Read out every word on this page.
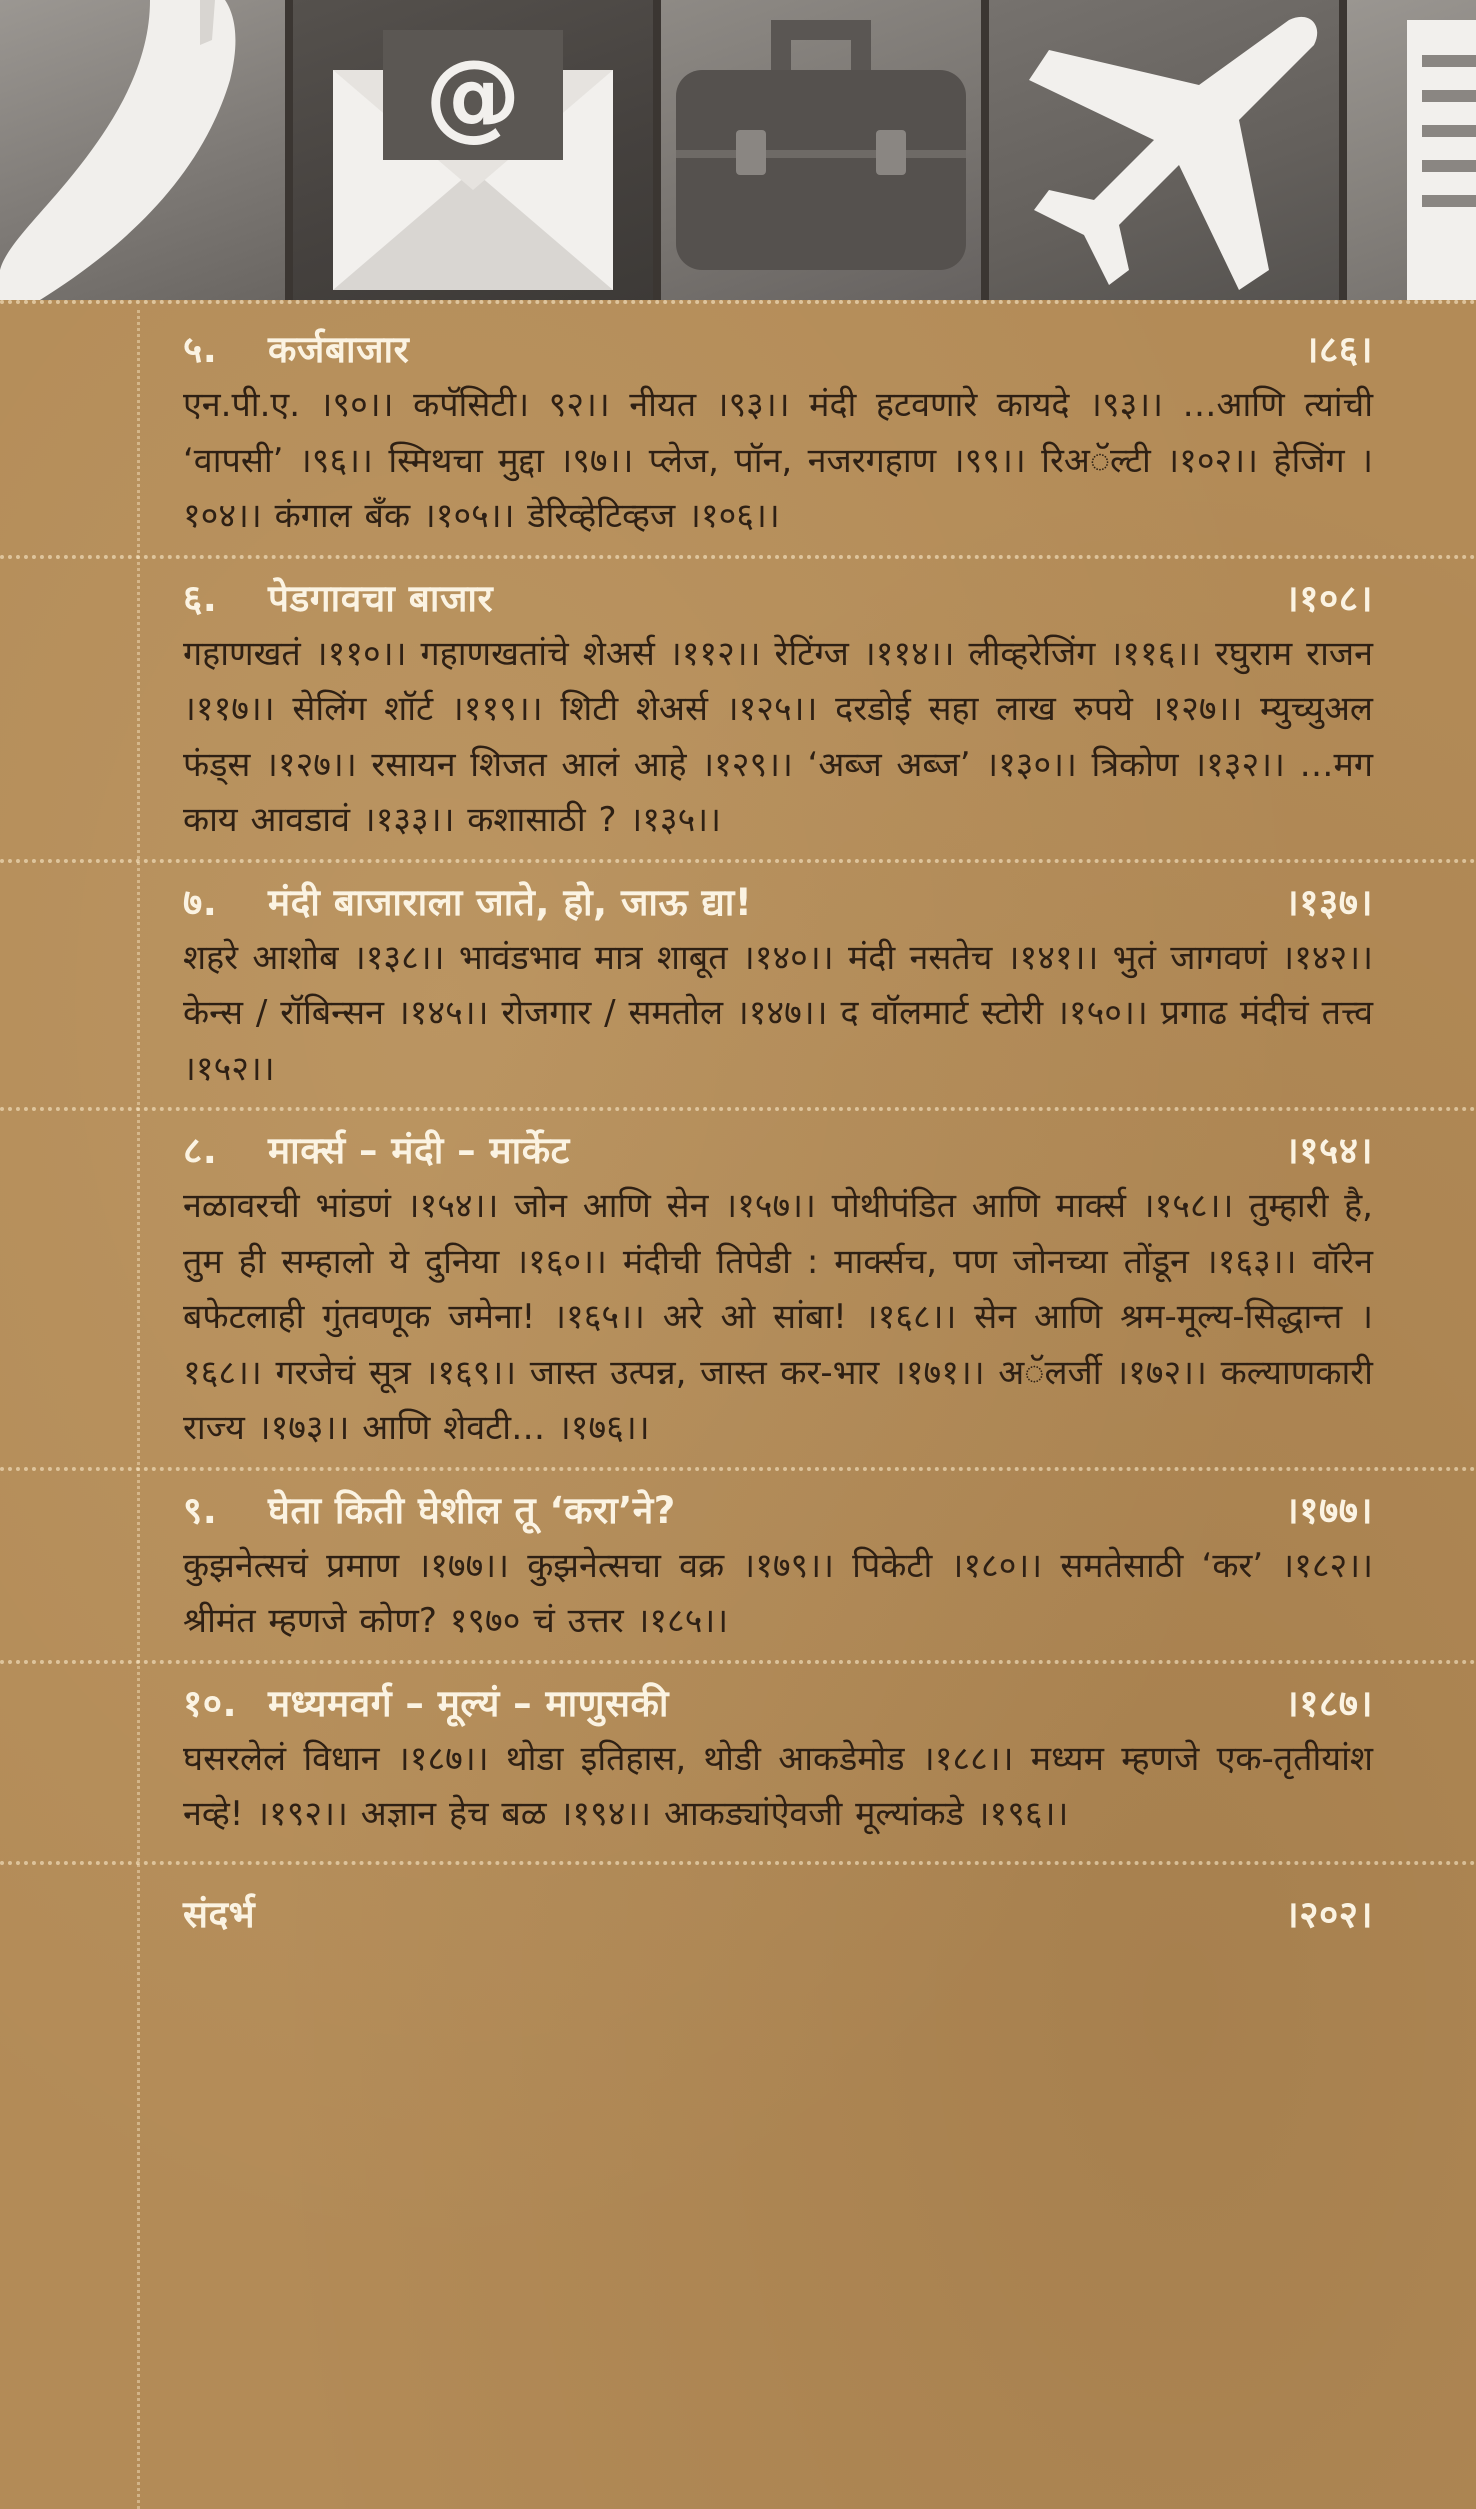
@
५.	कर्जबाजार	।८६।
एन.पी.ए. ।९०।। कपॅसिटी। ९२।। नीयत ।९३।। मंदी हटवणारे कायदे ।९३।। …आणि त्यांची ‘वापसी’ ।९६।। स्मिथचा मुद्दा ।९७।। प्लेज, पॉन, नजरगहाण ।९९।। रिअॅल्टी ।१०२।। हेजिंग ।१०४।। कंगाल बँक ।१०५।। डेरिव्हेटिव्हज ।१०६।।
६.	पेडगावचा बाजार	।१०८।
गहाणखतं ।११०।। गहाणखतांचे शेअर्स ।११२।। रेटिंग्ज ।११४।। लीव्हरेजिंग ।११६।। रघुराम राजन ।११७।। सेलिंग शॉर्ट ।११९।। शिटी शेअर्स ।१२५।। दरडोई सहा लाख रुपये ।१२७।। म्युच्युअल फंड्स ।१२७।। रसायन शिजत आलं आहे ।१२९।। ‘अब्ज अब्ज’ ।१३०।। त्रिकोण ।१३२।। …मग काय आवडावं ।१३३।। कशासाठी ? ।१३५।।
७.	मंदी बाजाराला जाते, हो, जाऊ द्या!	।१३७।
शहरे आशोब ।१३८।। भावंडभाव मात्र शाबूत ।१४०।। मंदी नसतेच ।१४१।। भुतं जागवणं ।१४२।। केन्स / रॉबिन्सन ।१४५।। रोजगार / समतोल ।१४७।। द वॉलमार्ट स्टोरी ।१५०।। प्रगाढ मंदीचं तत्त्व ।१५२।।
८.	मार्क्स – मंदी – मार्केट	।१५४।
नळावरची भांडणं ।१५४।। जोन आणि सेन ।१५७।। पोथीपंडित आणि मार्क्स ।१५८।। तुम्हारी है, तुम ही सम्हालो ये दुनिया ।१६०।। मंदीची तिपेडी : मार्क्सच, पण जोनच्या तोंडून ।१६३।। वॉरेन बफेटलाही गुंतवणूक जमेना! ।१६५।। अरे ओ सांबा! ।१६८।। सेन आणि श्रम-मूल्य-सिद्धान्त ।१६८।। गरजेचं सूत्र ।१६९।। जास्त उत्पन्न, जास्त कर-भार ।१७१।। अॅलर्जी ।१७२।। कल्याणकारी राज्य ।१७३।। आणि शेवटी… ।१७६।।
९.	घेता किती घेशील तू ‘करा’ने?	।१७७।
कुझनेत्सचं प्रमाण ।१७७।। कुझनेत्सचा वक्र ।१७९।। पिकेटी ।१८०।। समतेसाठी ‘कर’ ।१८२।। श्रीमंत म्हणजे कोण? १९७० चं उत्तर ।१८५।।
१०. मध्यमवर्ग – मूल्यं – माणुसकी	।१८७।
घसरलेलं विधान ।१८७।। थोडा इतिहास, थोडी आकडेमोड ।१८८।। मध्यम म्हणजे एक-तृतीयांश नव्हे! ।१९२।। अज्ञान हेच बळ ।१९४।। आकड्यांऐवजी मूल्यांकडे ।१९६।।
संदर्भ	।२०२।
